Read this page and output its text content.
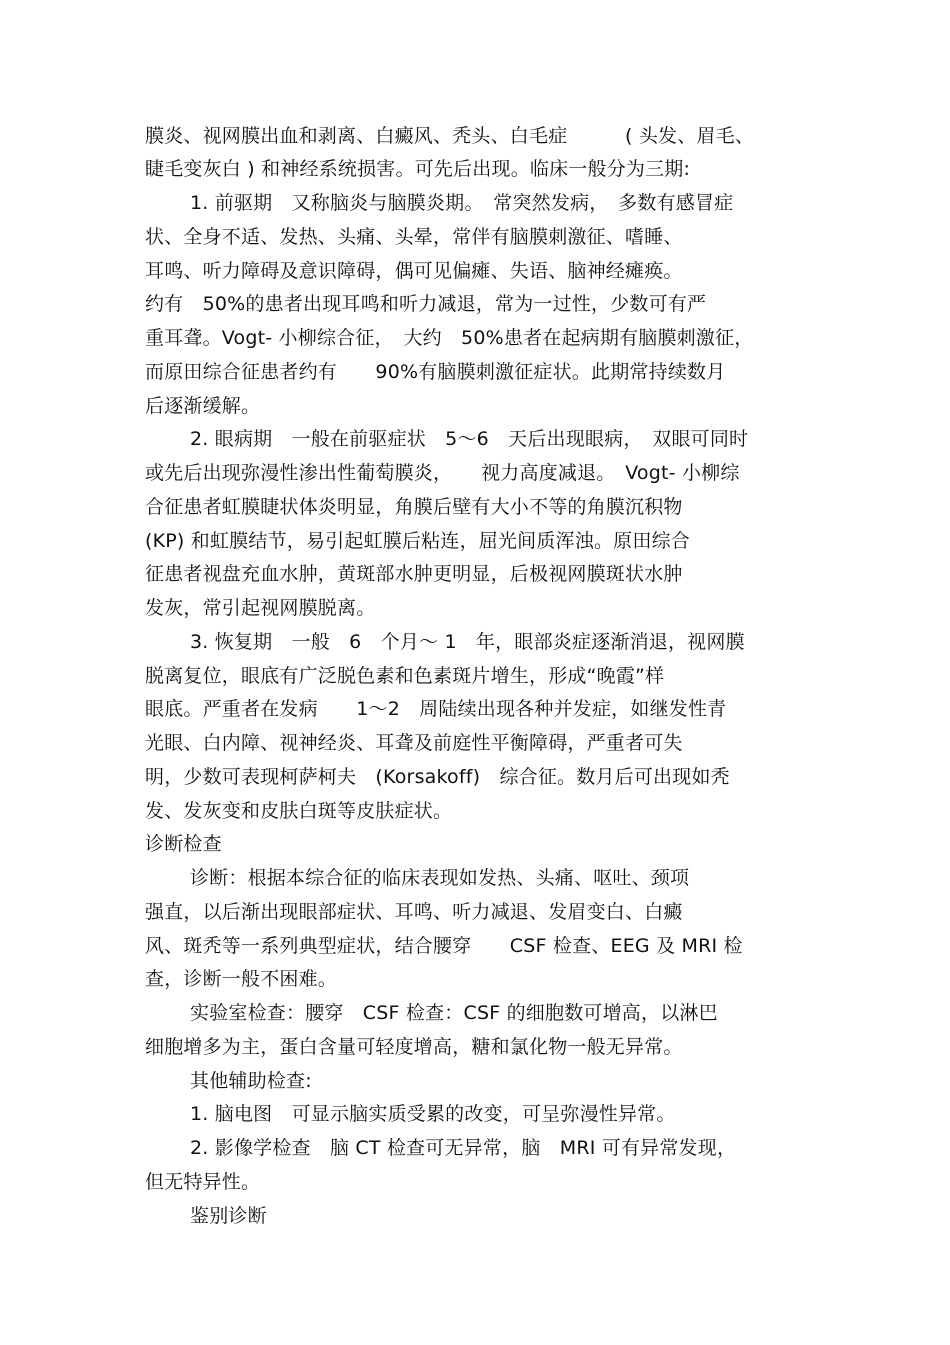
膜炎、视网膜出血和剥离、白癜风、秃头、白毛症　　　( 头发、眉毛、
睫毛变灰白 ) 和神经系统损害。可先后出现。临床一般分为三期:
1. 前驱期　又称脑炎与脑膜炎期。　常突然发病，　多数有感冒症
状、全身不适、发热、头痛、头晕，常伴有脑膜刺激征、嗜睡、
耳鸣、听力障碍及意识障碍，偶可见偏瘫、失语、脑神经瘫痪。
约有　50%的患者出现耳鸣和听力减退，常为一过性，少数可有严
重耳聋。Vogt- 小柳综合征，　大约　50%患者在起病期有脑膜刺激征，
而原田综合征患者约有　　90%有脑膜刺激征症状。此期常持续数月
后逐渐缓解。
2. 眼病期　一般在前驱症状　5～6　天后出现眼病，　双眼可同时
或先后出现弥漫性渗出性葡萄膜炎，　　视力高度减退。　Vogt- 小柳综
合征患者虹膜睫状体炎明显，角膜后壁有大小不等的角膜沉积物
(KP) 和虹膜结节，易引起虹膜后粘连，屈光间质浑浊。原田综合
征患者视盘充血水肿，黄斑部水肿更明显，后极视网膜斑状水肿
发灰，常引起视网膜脱离。
3. 恢复期　一般　6　个月～ 1　年，眼部炎症逐渐消退，视网膜
脱离复位，眼底有广泛脱色素和色素斑片增生，形成“晚霞”样
眼底。严重者在发病　　1～2　周陆续出现各种并发症，如继发性青
光眼、白内障、视神经炎、耳聋及前庭性平衡障碍，严重者可失
明，少数可表现柯萨柯夫　(Korsakoff)　综合征。数月后可出现如秃
发、发灰变和皮肤白斑等皮肤症状。
诊断检查
诊断：根据本综合征的临床表现如发热、头痛、呕吐、颈项
强直，以后渐出现眼部症状、耳鸣、听力减退、发眉变白、白癜
风、斑秃等一系列典型症状，结合腰穿　　CSF 检查、EEG 及 MRI 检
查，诊断一般不困难。
实验室检查：腰穿　CSF 检查：CSF 的细胞数可增高，以淋巴
细胞增多为主，蛋白含量可轻度增高，糖和氯化物一般无异常。
其他辅助检查:
1. 脑电图　可显示脑实质受累的改变，可呈弥漫性异常。
2. 影像学检查　脑 CT 检查可无异常，脑　MRI 可有异常发现，
但无特异性。
鉴别诊断
